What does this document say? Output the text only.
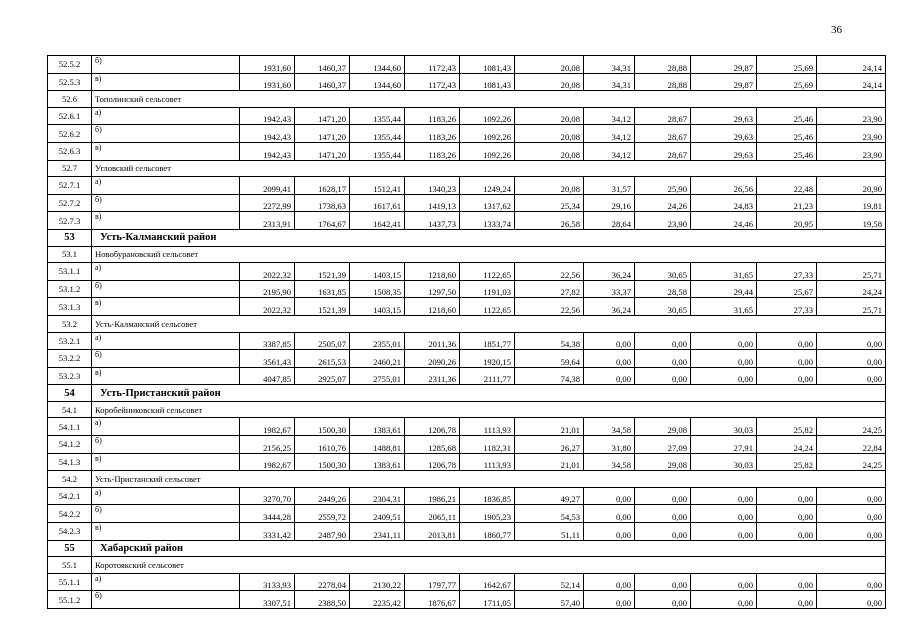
36
52.5.2	б)	1931,60	1460,37	1344,60	1172,43	1081,43	20,08	34,31	28,88	29,87	25,69	24,14
52.5.3	в)	1931,60	1460,37	1344,60	1172,43	1081,43	20,08	34,31	28,88	29,87	25,69	24,14
52.6	Тополинский сельсовет											
52.6.1	а)	1942,43	1471,20	1355,44	1183,26	1092,26	20,08	34,12	28,67	29,63	25,46	23,90
52.6.2	б)	1942,43	1471,20	1355,44	1183,26	1092,26	20,08	34,12	28,67	29,63	25,46	23,90
52.6.3	в)	1942,43	1471,20	1355,44	1183,26	1092,26	20,08	34,12	28,67	29,63	25,46	23,90
52.7	Угловский сельсовет											
52.7.1	а)	2099,41	1628,17	1512,41	1340,23	1249,24	20,08	31,57	25,90	26,56	22,48	20,90
52.7.2	б)	2272,99	1738,63	1617,61	1419,13	1317,62	25,34	29,16	24,26	24,83	21,23	19,81
52.7.3	в)	2313,91	1764,67	1642,41	1437,73	1333,74	26,58	28,64	23,90	24,46	20,95	19,58
53	Усть-Калманский район											
53.1	Новобурановский сельсовет											
53.1.1	а)	2022,32	1521,39	1403,15	1218,60	1122,65	22,56	36,24	30,65	31,65	27,33	25,71
53.1.2	б)	2195,90	1631,85	1508,35	1297,50	1191,03	27,82	33,37	28,58	29,44	25,67	24,24
53.1.3	в)	2022,32	1521,39	1403,15	1218,60	1122,65	22,56	36,24	30,65	31,65	27,33	25,71
53.2	Усть-Калманский сельсовет											
53.2.1	а)	3387,85	2505,07	2355,01	2011,36	1851,77	54,38	0,00	0,00	0,00	0,00	0,00
53.2.2	б)	3561,43	2615,53	2460,21	2090,26	1920,15	59,64	0,00	0,00	0,00	0,00	0,00
53.2.3	в)	4047,85	2925,07	2755,01	2311,36	2111,77	74,38	0,00	0,00	0,00	0,00	0,00
54	Усть-Пристанский район											
54.1	Коробейниковский сельсовет											
54.1.1	а)	1982,67	1500,30	1383,61	1206,78	1113,93	21,01	34,58	29,08	30,03	25,82	24,25
54.1.2	б)	2156,25	1610,76	1488,81	1285,68	1182,31	26,27	31,80	27,09	27,91	24,24	22,84
54.1.3	в)	1982,67	1500,30	1383,61	1206,78	1113,93	21,01	34,58	29,08	30,03	25,82	24,25
54.2	Усть-Пристанский сельсовет											
54.2.1	а)	3270,70	2449,26	2304,31	1986,21	1836,85	49,27	0,00	0,00	0,00	0,00	0,00
54.2.2	б)	3444,28	2559,72	2409,51	2065,11	1905,23	54,53	0,00	0,00	0,00	0,00	0,00
54.2.3	в)	3331,42	2487,90	2341,11	2013,81	1860,77	51,11	0,00	0,00	0,00	0,00	0,00
55	Хабарский район											
55.1	Коротоякский сельсовет											
55.1.1	а)	3133,93	2278,04	2130,22	1797,77	1642,67	52,14	0,00	0,00	0,00	0,00	0,00
55.1.2	б)	3307,51	2388,50	2235,42	1876,67	1711,05	57,40	0,00	0,00	0,00	0,00	0,00
